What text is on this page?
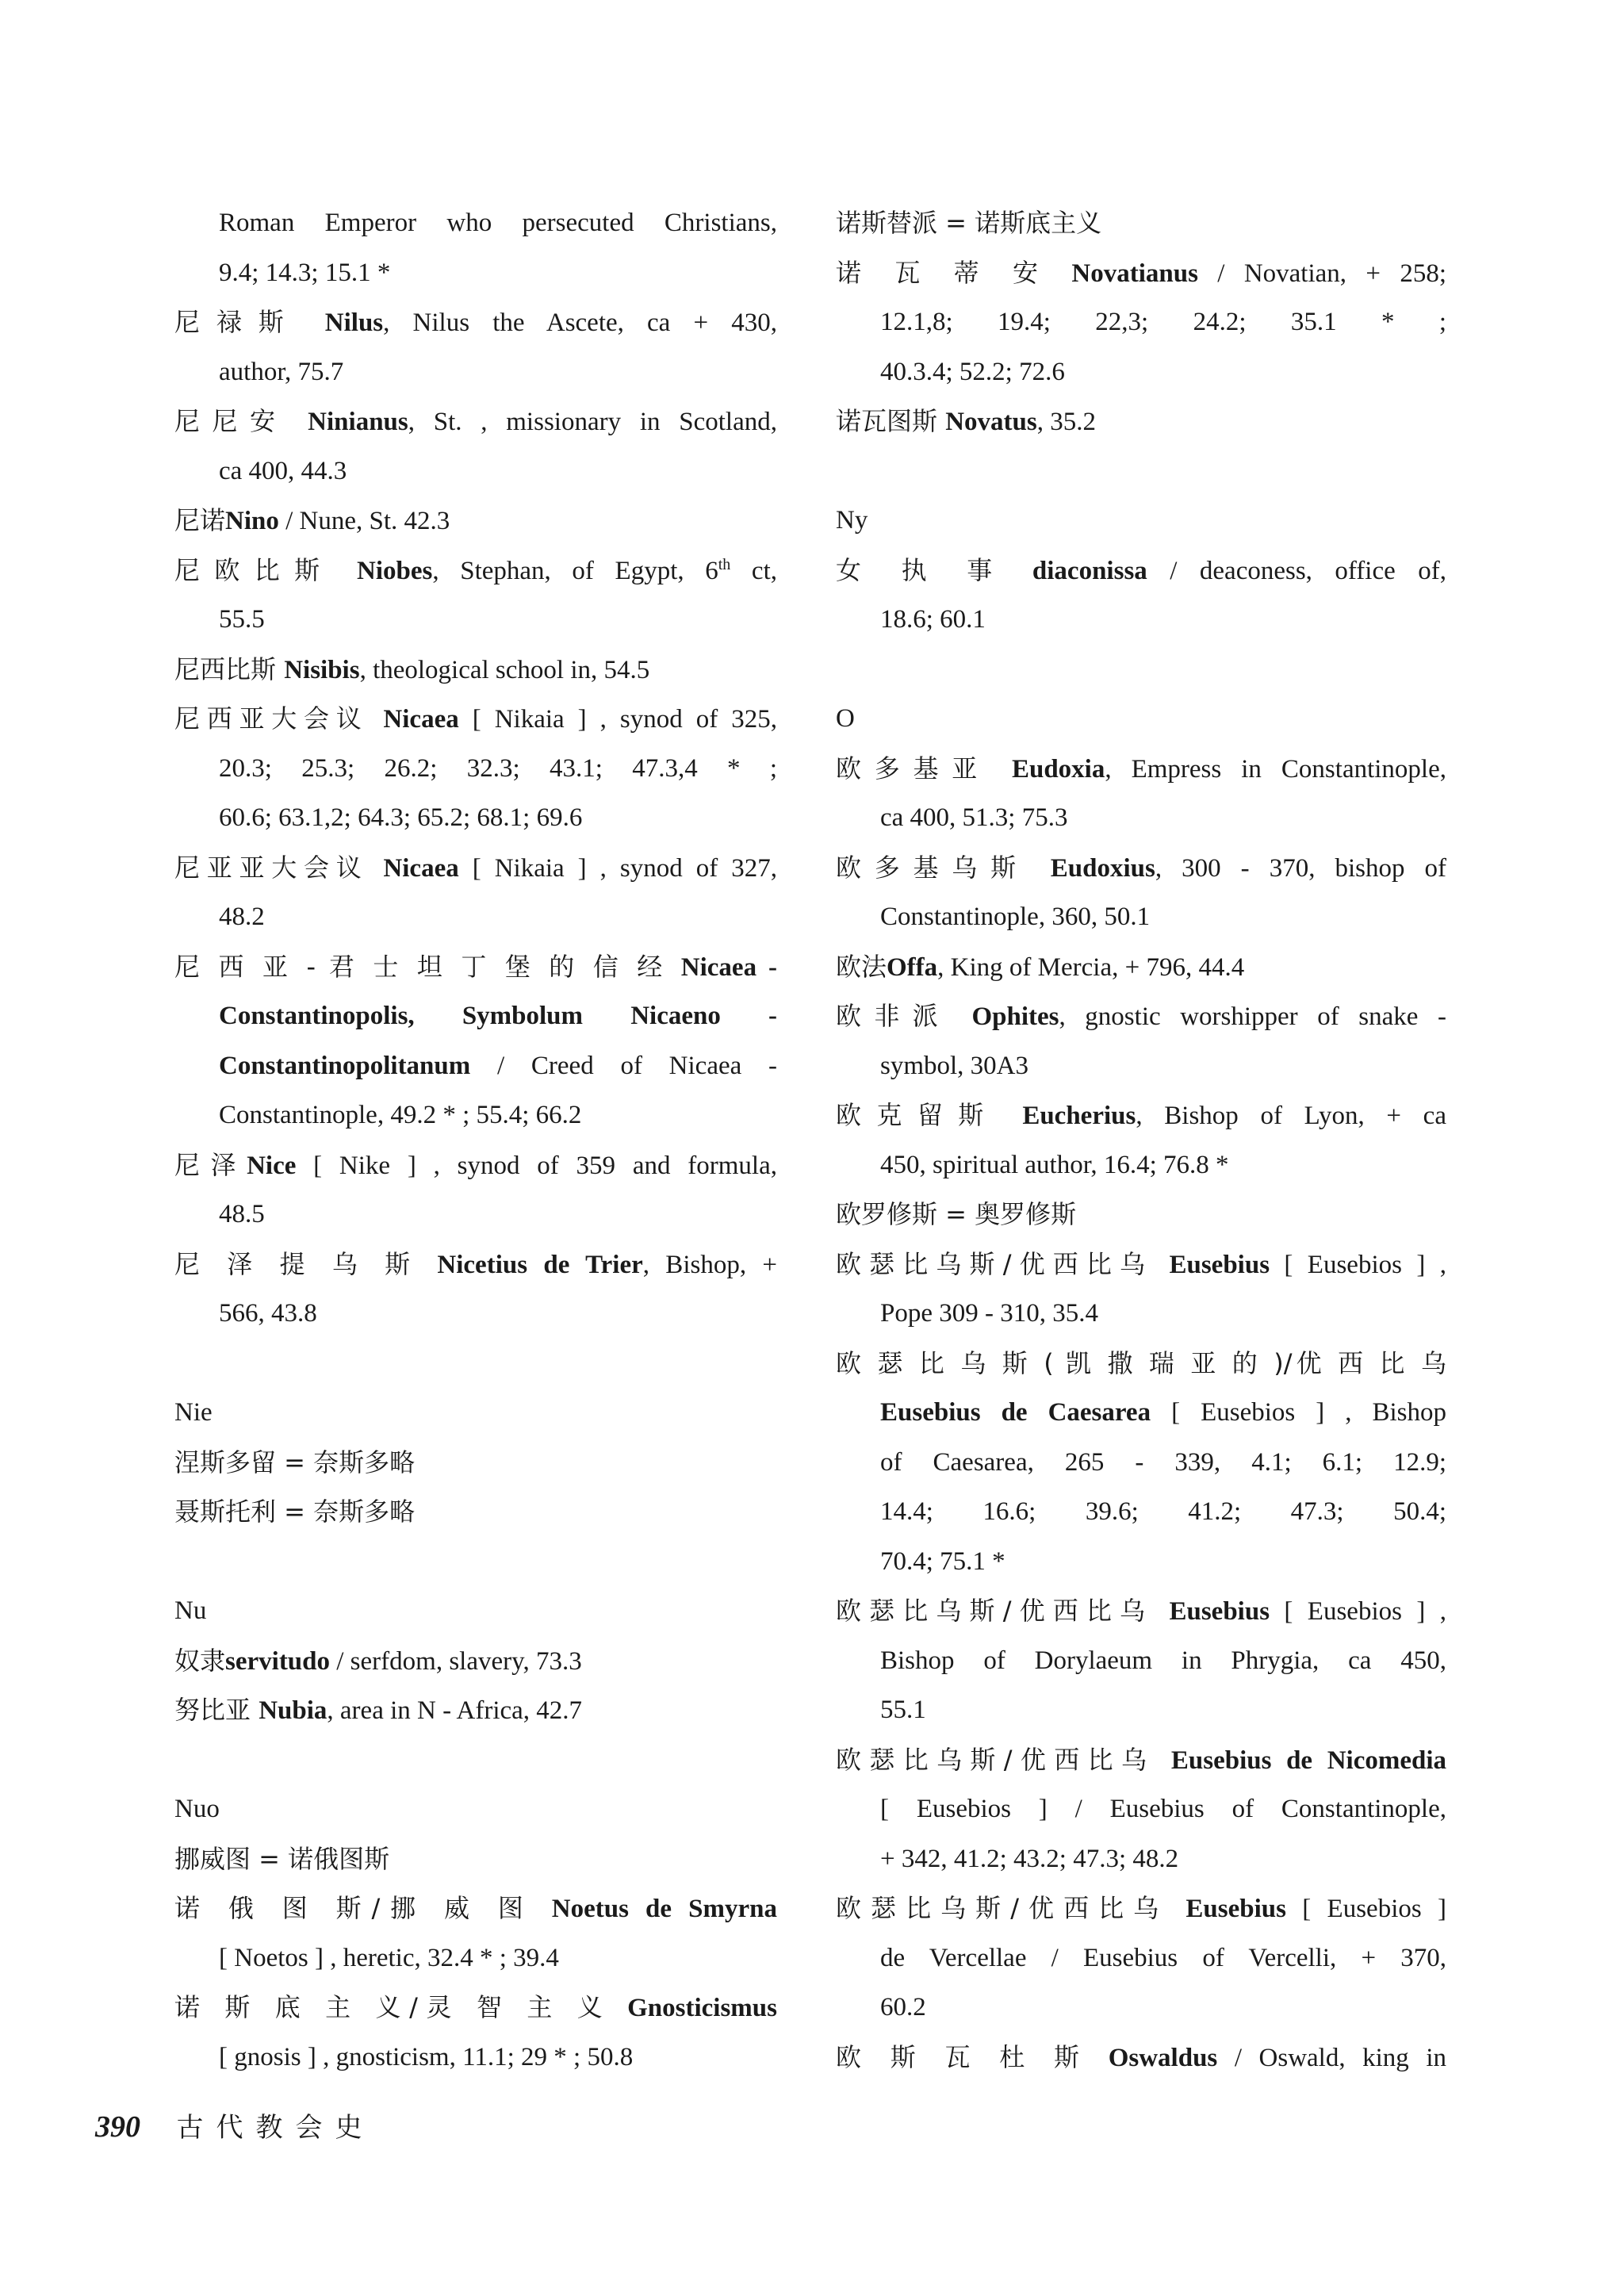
Roman Emperor who persecuted Christians,
9.4; 14.3; 15.1 *
尼禄斯 Nilus, Nilus the Ascete, ca + 430,
author, 75.7
尼尼安 Ninianus, St. , missionary in Scotland,
ca 400, 44.3
尼诺Nino / Nune, St. 42.3
尼欧比斯 Niobes, Stephan, of Egypt, 6th ct,
55.5
尼西比斯 Nisibis, theological school in, 54.5
尼西亚大会议 Nicaea [ Nikaia ] , synod of 325,
20.3; 25.3; 26.2; 32.3; 43.1; 47.3,4 * ;
60.6; 63.1,2; 64.3; 65.2; 68.1; 69.6
尼亚亚大会议 Nicaea [ Nikaia ] , synod of 327,
48.2
尼 西 亚 - 君 士 坦 丁 堡 的 信 经 Nicaea -
Constantinopolis, Symbolum Nicaeno -
Constantinopolitanum / Creed of Nicaea -
Constantinople, 49.2 * ; 55.4; 66.2
尼泽Nice [ Nike ] , synod of 359 and formula,
48.5
尼 泽 提 乌 斯 Nicetius de Trier, Bishop, +
566, 43.8
Nie
涅斯多留 = 奈斯多略
聂斯托利 = 奈斯多略
Nu
奴隶servitudo / serfdom, slavery, 73.3
努比亚 Nubia, area in N - Africa, 42.7
Nuo
挪威图 = 诺俄图斯
诺 俄 图 斯/挪 威 图 Noetus de Smyrna
[ Noetos ] , heretic, 32.4 * ; 39.4
诺 斯 底 主 义/灵 智 主 义 Gnosticismus
[ gnosis ] , gnosticism, 11.1; 29 * ; 50.8
诺斯替派 = 诺斯底主义
诺 瓦 蒂 安 Novatianus / Novatian, + 258;
12.1,8; 19.4; 22,3; 24.2; 35.1 * ;
40.3.4; 52.2; 72.6
诺瓦图斯 Novatus, 35.2
Ny
女 执 事 diaconissa / deaconess, office of,
18.6; 60.1
O
欧多基亚 Eudoxia, Empress in Constantinople,
ca 400, 51.3; 75.3
欧多基乌斯 Eudoxius, 300 - 370, bishop of
Constantinople, 360, 50.1
欧法Offa, King of Mercia, + 796, 44.4
欧非派 Ophites, gnostic worshipper of snake -
symbol, 30A3
欧克留斯 Eucherius, Bishop of Lyon, + ca
450, spiritual author, 16.4; 76.8 *
欧罗修斯 = 奥罗修斯
欧瑟比乌斯/优西比乌 Eusebius [ Eusebios ] ,
Pope 309 - 310, 35.4
欧 瑟 比 乌 斯 ( 凯 撒 瑞 亚 的 )/优 西 比 乌
Eusebius de Caesarea [ Eusebios ] , Bishop
of Caesarea, 265 - 339, 4.1; 6.1; 12.9;
14.4; 16.6; 39.6; 41.2; 47.3; 50.4;
70.4; 75.1 *
欧瑟比乌斯/优西比乌 Eusebius [ Eusebios ] ,
Bishop of Dorylaeum in Phrygia, ca 450,
55.1
欧瑟比乌斯/优西比乌 Eusebius de Nicomedia
[ Eusebios ] / Eusebius of Constantinople,
+ 342, 41.2; 43.2; 47.3; 48.2
欧瑟比乌斯/优西比乌 Eusebius [ Eusebios ]
de Vercellae / Eusebius of Vercelli, + 370,
60.2
欧 斯 瓦 杜 斯 Oswaldus / Oswald, king in
390 古代教会史
